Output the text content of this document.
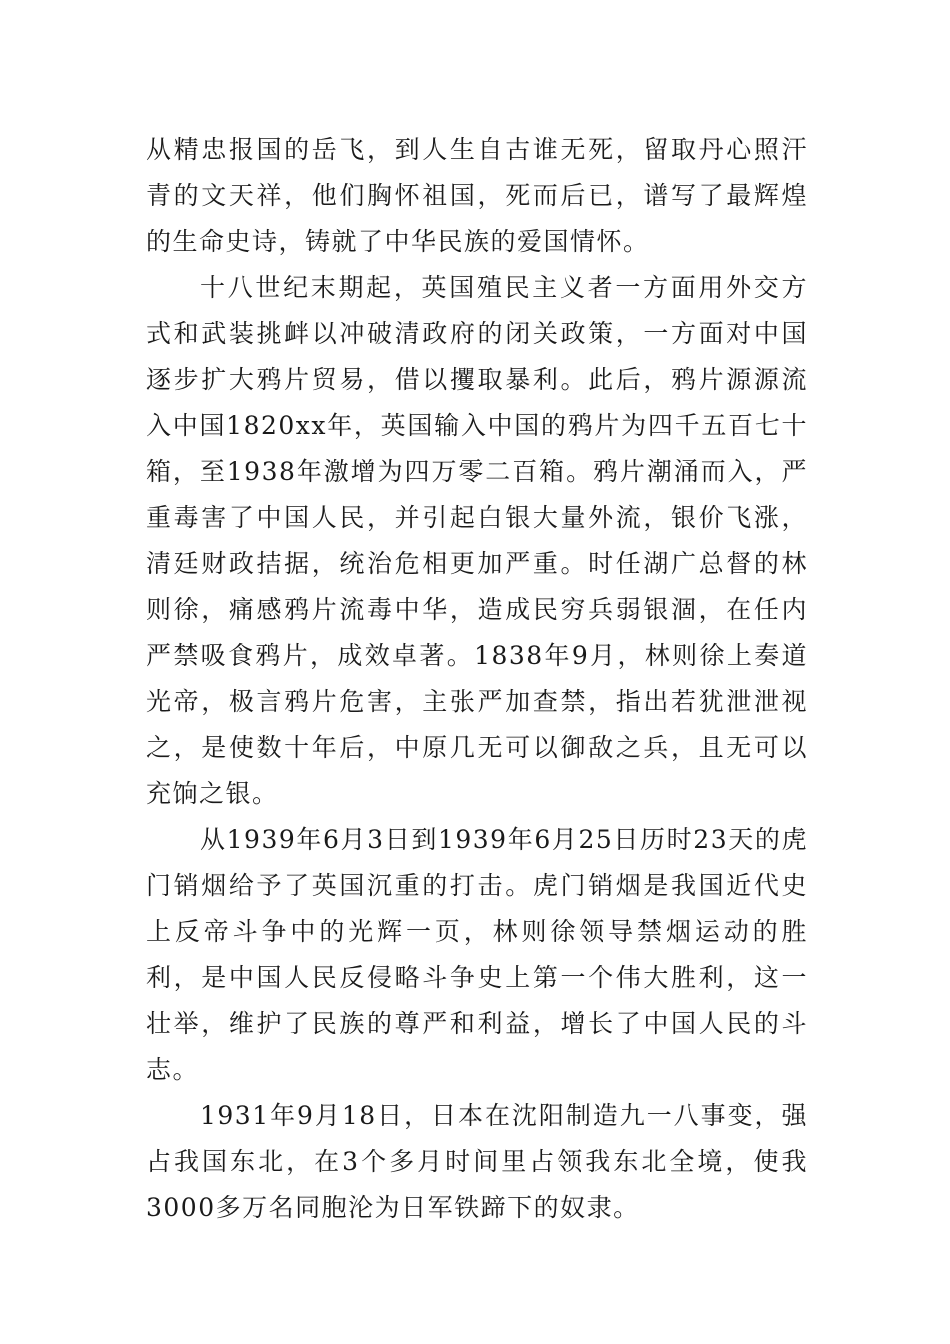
从精忠报国的岳飞，到人生自古谁无死，留取丹心照汗青的文天祥，他们胸怀祖国，死而后已，谱写了最辉煌的生命史诗，铸就了中华民族的爱国情怀。

十八世纪末期起，英国殖民主义者一方面用外交方式和武装挑衅以冲破清政府的闭关政策，一方面对中国逐步扩大鸦片贸易，借以攫取暴利。此后，鸦片源源流入中国1820xx年，英国输入中国的鸦片为四千五百七十箱，至1938年激增为四万零二百箱。鸦片潮涌而入，严重毒害了中国人民，并引起白银大量外流，银价飞涨，清廷财政拮据，统治危相更加严重。时任湖广总督的林则徐，痛感鸦片流毒中华，造成民穷兵弱银涸，在任内严禁吸食鸦片，成效卓著。1838年9月，林则徐上奏道光帝，极言鸦片危害，主张严加查禁，指出若犹泄泄视之，是使数十年后，中原几无可以御敌之兵，且无可以充饷之银。

从1939年6月3日到1939年6月25日历时23天的虎门销烟给予了英国沉重的打击。虎门销烟是我国近代史上反帝斗争中的光辉一页，林则徐领导禁烟运动的胜利，是中国人民反侵略斗争史上第一个伟大胜利，这一壮举，维护了民族的尊严和利益，增长了中国人民的斗志。

1931年9月18日，日本在沈阳制造九一八事变，强占我国东北，在3个多月时间里占领我东北全境，使我3000多万名同胞沦为日军铁蹄下的奴隶。
